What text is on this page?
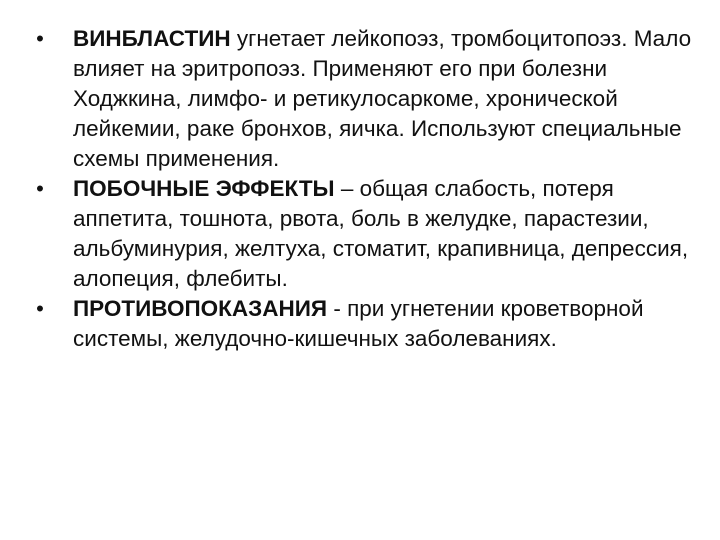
• ВИНБЛАСТИН угнетает лейкопоэз, тромбоцитопоэз. Мало влияет на эритропоэз. Применяют его при болезни Ходжкина, лимфо- и ретикулосаркоме, хронической лейкемии, раке бронхов, яичка. Используют специальные схемы применения.
• ПОБОЧНЫЕ ЭФФЕКТЫ – общая слабость, потеря аппетита, тошнота, рвота, боль в желудке, парастезии, альбуминурия, желтуха, стоматит, крапивница, депрессия, алопеция, флебиты.
• ПРОТИВОПОКАЗАНИЯ - при угнетении кроветворной системы, желудочно-кишечных заболеваниях.
